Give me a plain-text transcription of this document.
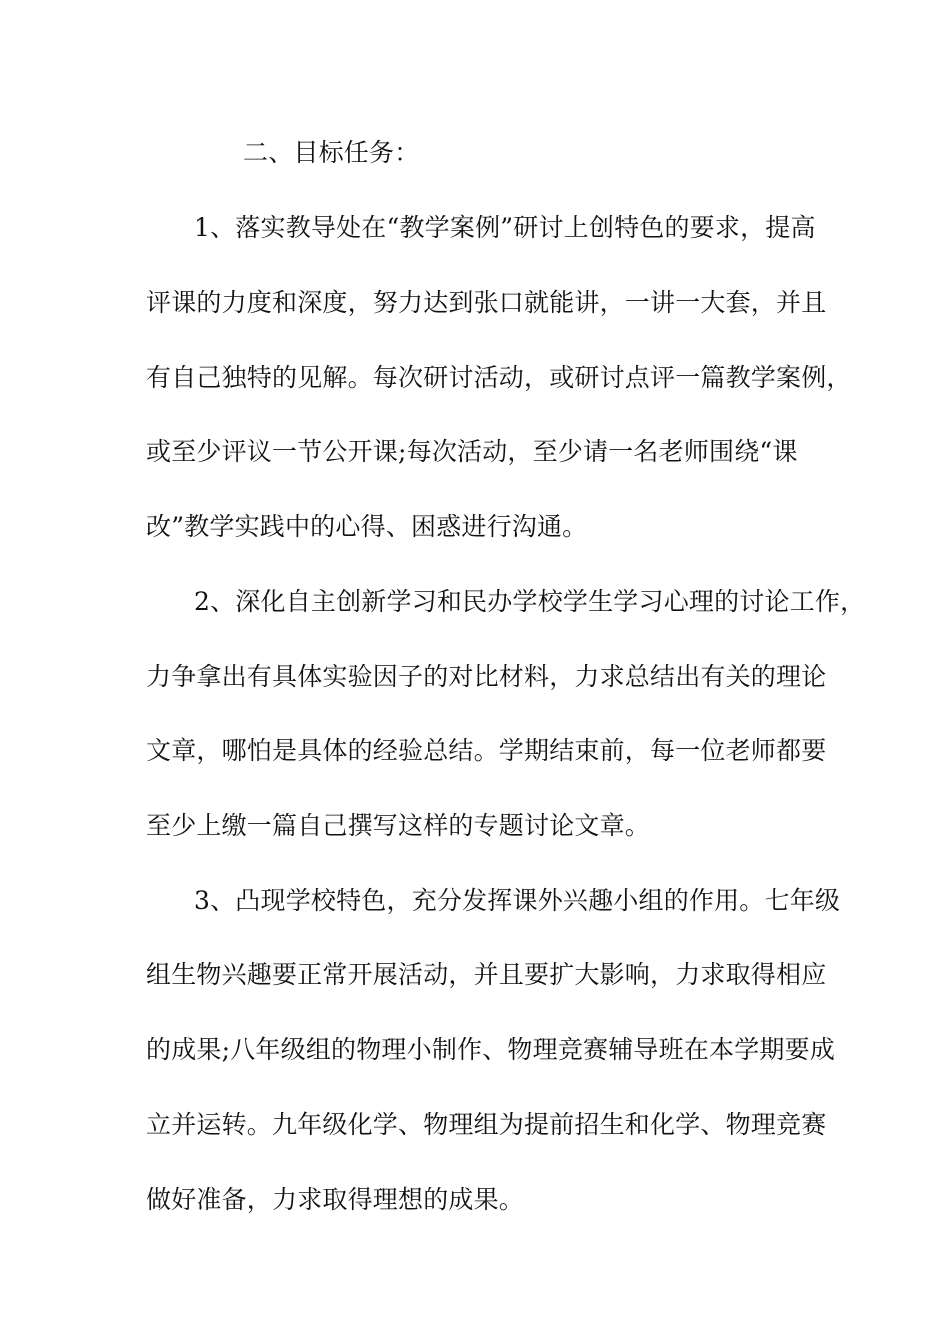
二、目标任务：
1、落实教导处在“教学案例”研讨上创特色的要求，提高
评课的力度和深度，努力达到张口就能讲，一讲一大套，并且
有自己独特的见解。每次研讨活动，或研讨点评一篇教学案例，
或至少评议一节公开课;每次活动，至少请一名老师围绕“课
改”教学实践中的心得、困惑进行沟通。
2、深化自主创新学习和民办学校学生学习心理的讨论工作，
力争拿出有具体实验因子的对比材料，力求总结出有关的理论
文章，哪怕是具体的经验总结。学期结束前，每一位老师都要
至少上缴一篇自己撰写这样的专题讨论文章。
3、凸现学校特色，充分发挥课外兴趣小组的作用。七年级
组生物兴趣要正常开展活动，并且要扩大影响，力求取得相应
的成果;八年级组的物理小制作、物理竞赛辅导班在本学期要成
立并运转。九年级化学、物理组为提前招生和化学、物理竞赛
做好准备，力求取得理想的成果。
